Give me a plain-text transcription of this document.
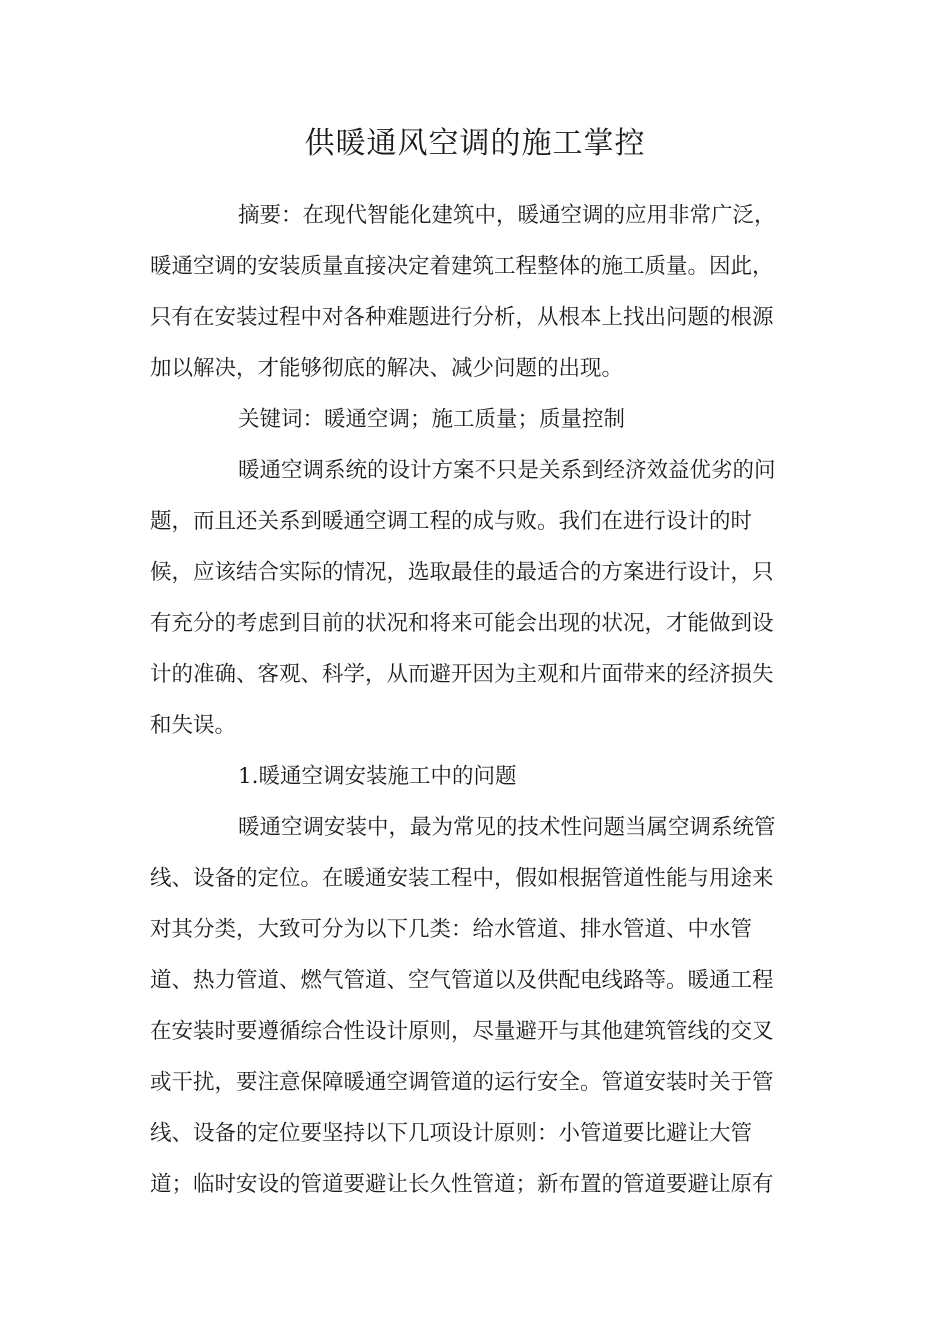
供暖通风空调的施工掌控
摘要：在现代智能化建筑中，暖通空调的应用非常广泛，
暖通空调的安装质量直接决定着建筑工程整体的施工质量。因此，
只有在安装过程中对各种难题进行分析，从根本上找出问题的根源
加以解决，才能够彻底的解决、减少问题的出现。
关键词：暖通空调；施工质量；质量控制
暖通空调系统的设计方案不只是关系到经济效益优劣的问
题，而且还关系到暖通空调工程的成与败。我们在进行设计的时
候，应该结合实际的情况，选取最佳的最适合的方案进行设计，只
有充分的考虑到目前的状况和将来可能会出现的状况，才能做到设
计的准确、客观、科学，从而避开因为主观和片面带来的经济损失
和失误。
1.暖通空调安装施工中的问题
暖通空调安装中，最为常见的技术性问题当属空调系统管
线、设备的定位。在暖通安装工程中，假如根据管道性能与用途来
对其分类，大致可分为以下几类：给水管道、排水管道、中水管
道、热力管道、燃气管道、空气管道以及供配电线路等。暖通工程
在安装时要遵循综合性设计原则，尽量避开与其他建筑管线的交叉
或干扰，要注意保障暖通空调管道的运行安全。管道安装时关于管
线、设备的定位要坚持以下几项设计原则：小管道要比避让大管
道；临时安设的管道要避让长久性管道；新布置的管道要避让原有
